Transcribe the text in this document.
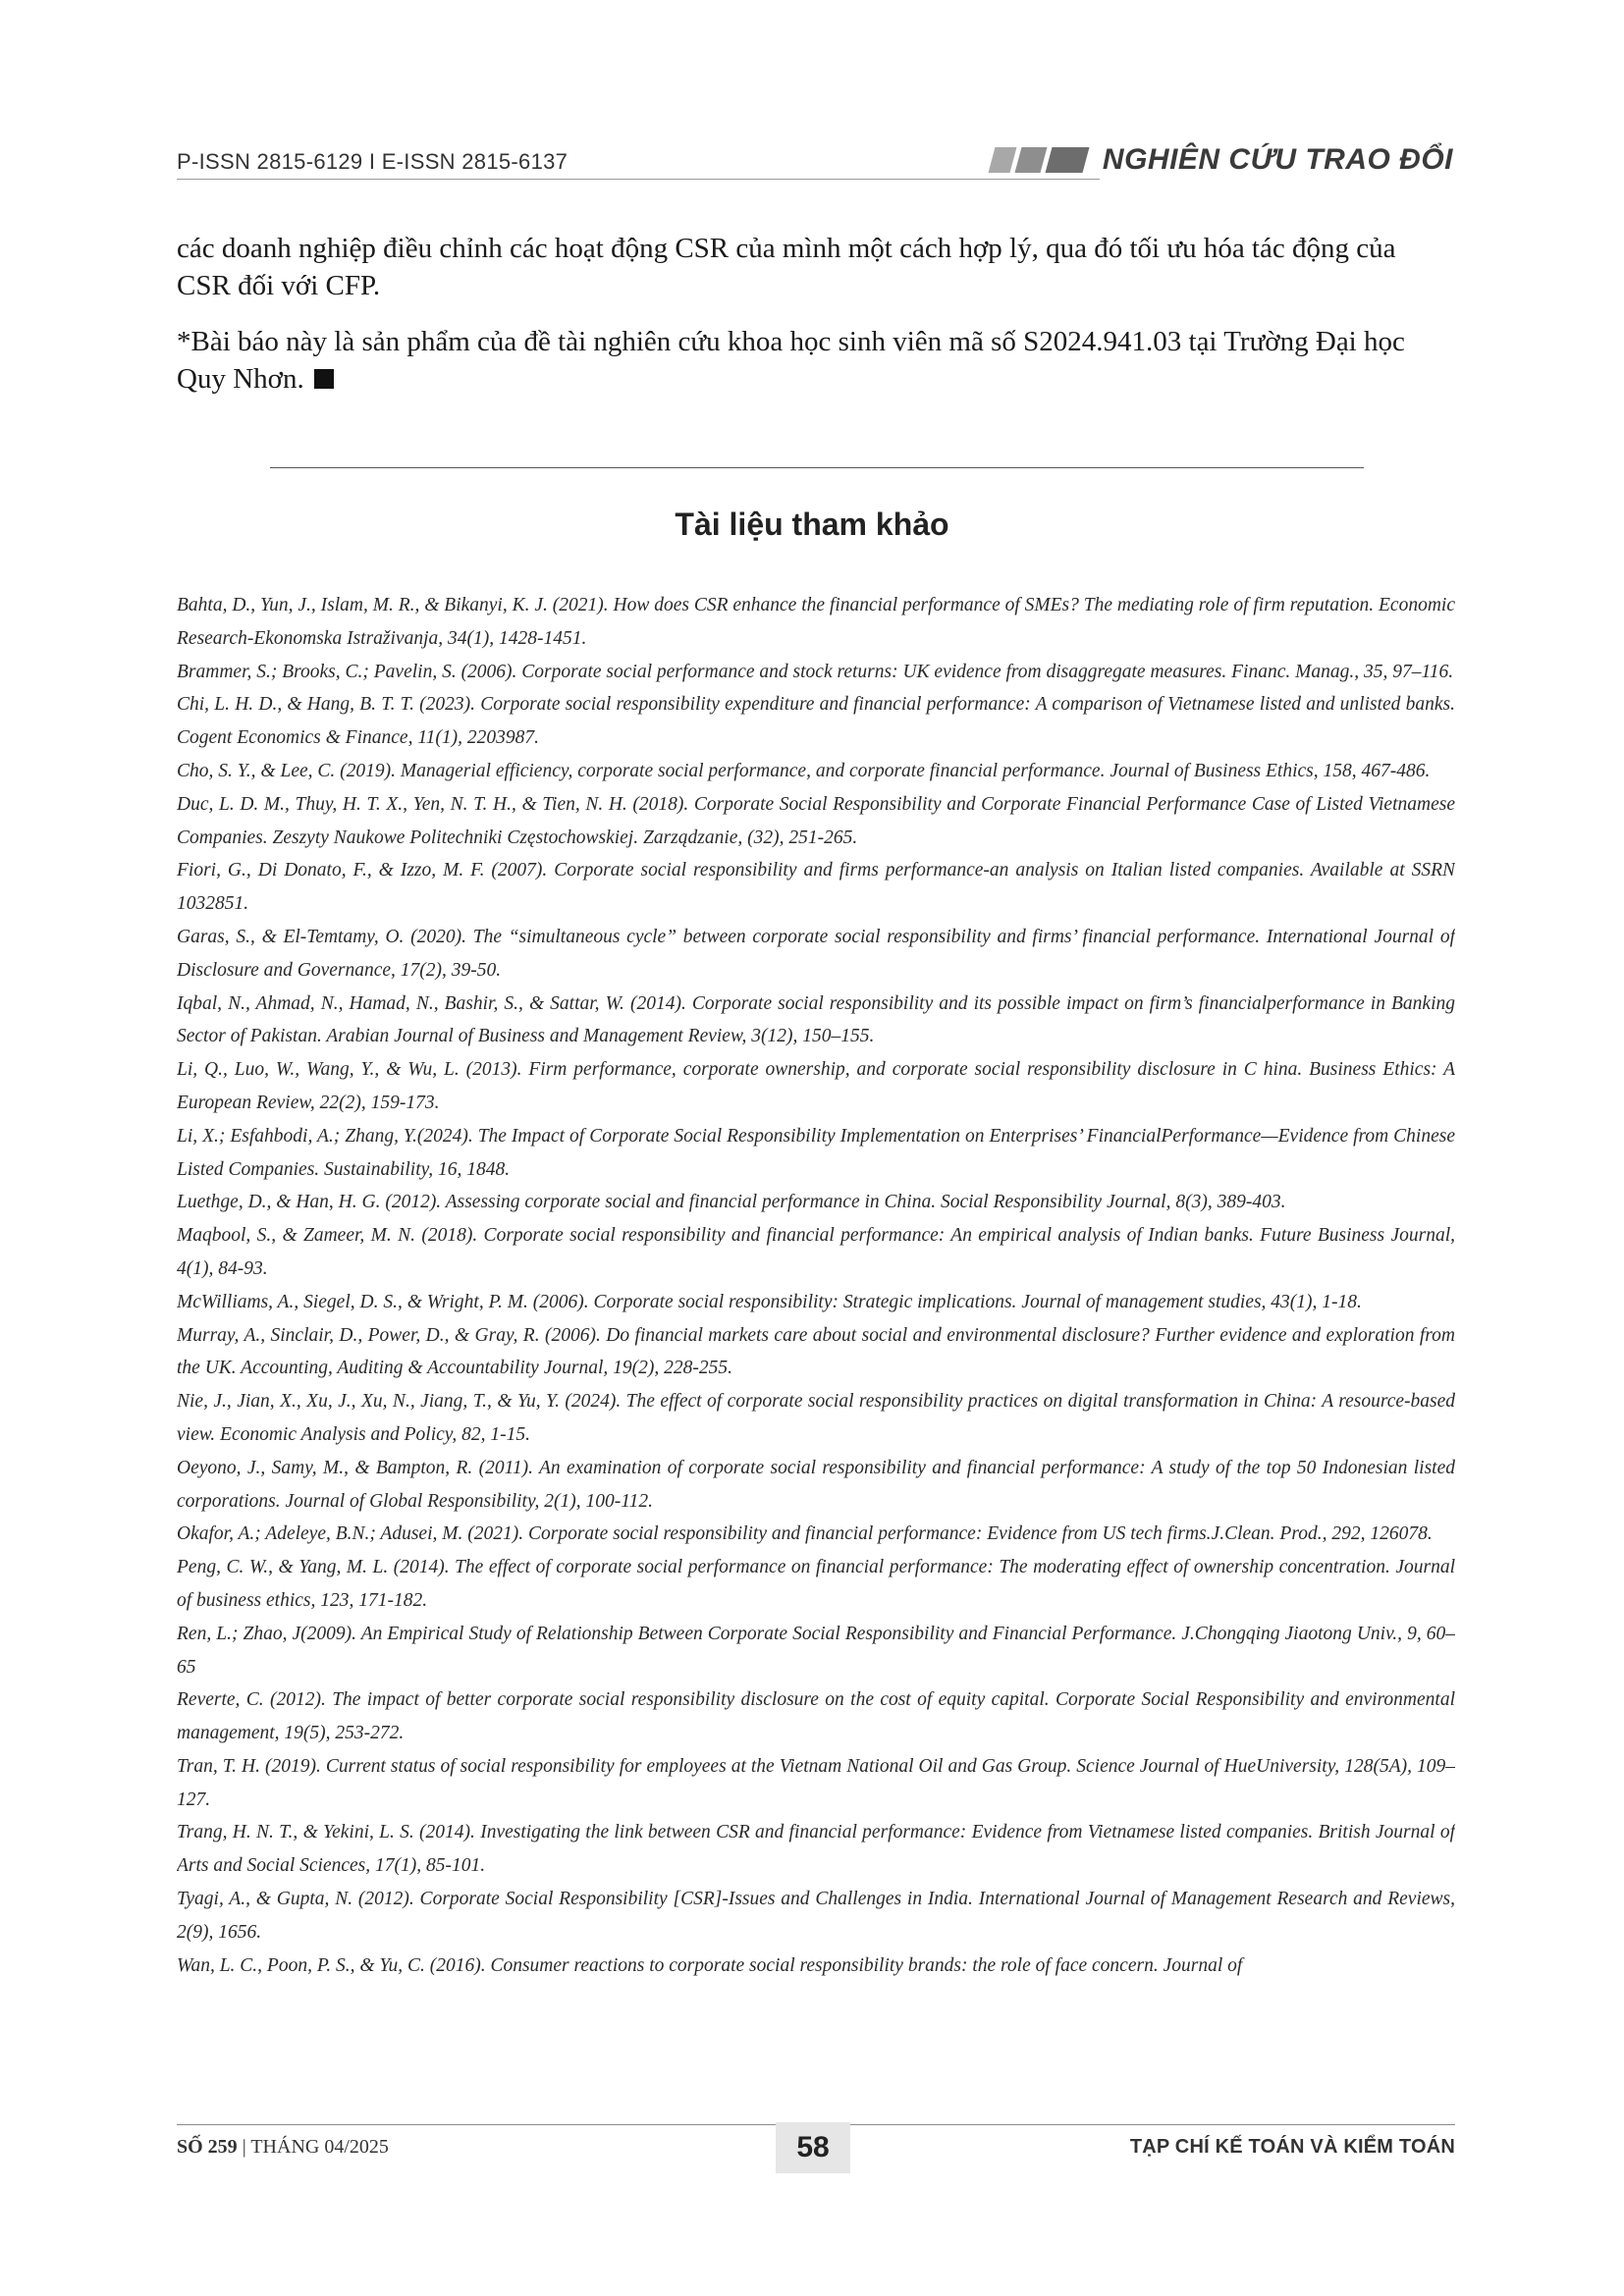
P-ISSN 2815-6129 I E-ISSN 2815-6137	NGHIÊN CỨU TRAO ĐỔI
các doanh nghiệp điều chỉnh các hoạt động CSR của mình một cách hợp lý, qua đó tối ưu hóa tác động của CSR đối với CFP.
*Bài báo này là sản phẩm của đề tài nghiên cứu khoa học sinh viên mã số S2024.941.03 tại Trường Đại học Quy Nhơn.
Tài liệu tham khảo
Bahta, D., Yun, J., Islam, M. R., & Bikanyi, K. J. (2021). How does CSR enhance the financial performance of SMEs? The mediating role of firm reputation. Economic Research-Ekonomska Istraživanja, 34(1), 1428-1451.
Brammer, S.; Brooks, C.; Pavelin, S. (2006). Corporate social performance and stock returns: UK evidence from disaggregate measures. Financ. Manag., 35, 97–116.
Chi, L. H. D., & Hang, B. T. T. (2023). Corporate social responsibility expenditure and financial performance: A comparison of Vietnamese listed and unlisted banks. Cogent Economics & Finance, 11(1), 2203987.
Cho, S. Y., & Lee, C. (2019). Managerial efficiency, corporate social performance, and corporate financial performance. Journal of Business Ethics, 158, 467-486.
Duc, L. D. M., Thuy, H. T. X., Yen, N. T. H., & Tien, N. H. (2018). Corporate Social Responsibility and Corporate Financial Performance Case of Listed Vietnamese Companies. Zeszyty Naukowe Politechniki Częstochowskiej. Zarządzanie, (32), 251-265.
Fiori, G., Di Donato, F., & Izzo, M. F. (2007). Corporate social responsibility and firms performance-an analysis on Italian listed companies. Available at SSRN 1032851.
Garas, S., & El-Temtamy, O. (2020). The “simultaneous cycle” between corporate social responsibility and firms’ financial performance. International Journal of Disclosure and Governance, 17(2), 39-50.
Iqbal, N., Ahmad, N., Hamad, N., Bashir, S., & Sattar, W. (2014). Corporate social responsibility and its possible impact on firm’s financialperformance in Banking Sector of Pakistan. Arabian Journal of Business and Management Review, 3(12), 150–155.
Li, Q., Luo, W., Wang, Y., & Wu, L. (2013). Firm performance, corporate ownership, and corporate social responsibility disclosure in C hina. Business Ethics: A European Review, 22(2), 159-173.
Li, X.; Esfahbodi, A.; Zhang, Y.(2024). The Impact of Corporate Social Responsibility Implementation on Enterprises’ FinancialPerformance—Evidence from Chinese Listed Companies. Sustainability, 16, 1848.
Luethge, D., & Han, H. G. (2012). Assessing corporate social and financial performance in China. Social Responsibility Journal, 8(3), 389-403.
Maqbool, S., & Zameer, M. N. (2018). Corporate social responsibility and financial performance: An empirical analysis of Indian banks. Future Business Journal, 4(1), 84-93.
McWilliams, A., Siegel, D. S., & Wright, P. M. (2006). Corporate social responsibility: Strategic implications. Journal of management studies, 43(1), 1-18.
Murray, A., Sinclair, D., Power, D., & Gray, R. (2006). Do financial markets care about social and environmental disclosure? Further evidence and exploration from the UK. Accounting, Auditing & Accountability Journal, 19(2), 228-255.
Nie, J., Jian, X., Xu, J., Xu, N., Jiang, T., & Yu, Y. (2024). The effect of corporate social responsibility practices on digital transformation in China: A resource-based view. Economic Analysis and Policy, 82, 1-15.
Oeyono, J., Samy, M., & Bampton, R. (2011). An examination of corporate social responsibility and financial performance: A study of the top 50 Indonesian listed corporations. Journal of Global Responsibility, 2(1), 100-112.
Okafor, A.; Adeleye, B.N.; Adusei, M. (2021). Corporate social responsibility and financial performance: Evidence from US tech firms.J.Clean. Prod., 292, 126078.
Peng, C. W., & Yang, M. L. (2014). The effect of corporate social performance on financial performance: The moderating effect of ownership concentration. Journal of business ethics, 123, 171-182.
Ren, L.; Zhao, J(2009). An Empirical Study of Relationship Between Corporate Social Responsibility and Financial Performance. J.Chongqing Jiaotong Univ., 9, 60–65
Reverte, C. (2012). The impact of better corporate social responsibility disclosure on the cost of equity capital. Corporate Social Responsibility and environmental management, 19(5), 253-272.
Tran, T. H. (2019). Current status of social responsibility for employees at the Vietnam National Oil and Gas Group. Science Journal of HueUniversity, 128(5A), 109–127.
Trang, H. N. T., & Yekini, L. S. (2014). Investigating the link between CSR and financial performance: Evidence from Vietnamese listed companies. British Journal of Arts and Social Sciences, 17(1), 85-101.
Tyagi, A., & Gupta, N. (2012). Corporate Social Responsibility [CSR]-Issues and Challenges in India. International Journal of Management Research and Reviews, 2(9), 1656.
Wan, L. C., Poon, P. S., & Yu, C. (2016). Consumer reactions to corporate social responsibility brands: the role of face concern. Journal of
SỐ 259 | THÁNG 04/2025	58	TẠP CHÍ KẾ TOÁN VÀ KIỂM TOÁN
